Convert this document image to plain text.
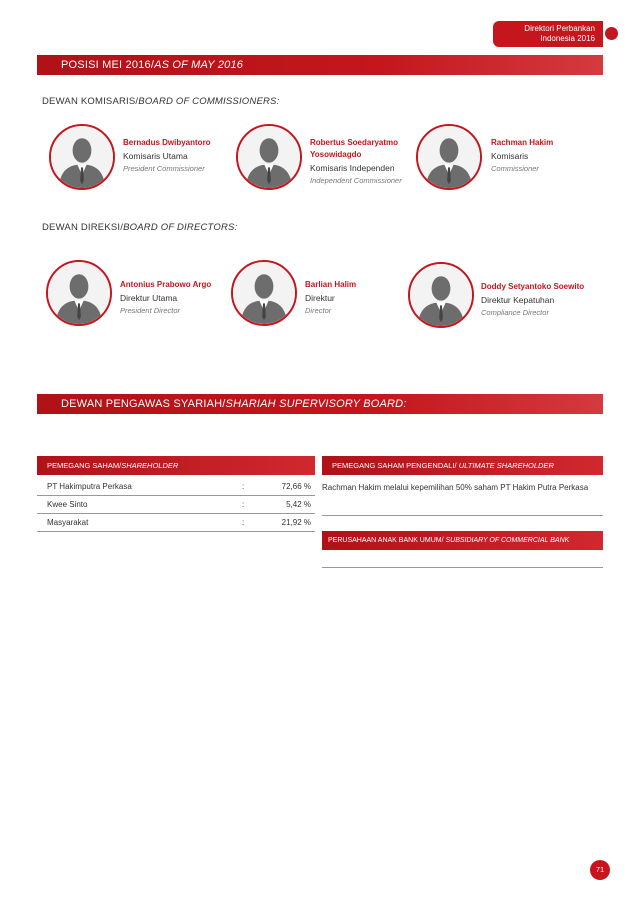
Direktori Perbankan
Indonesia 2016
POSISI MEI 2016/AS OF MAY 2016
DEWAN KOMISARIS/BOARD OF COMMISSIONERS:
Bernadus Dwibyantoro
Komisaris Utama
President Commissioner
Robertus Soedaryatmo Yosowidagdo
Komisaris Independen
Independent Commissioner
Rachman Hakim
Komisaris
Commissioner
DEWAN DIREKSI/BOARD OF DIRECTORS:
Antonius Prabowo Argo
Direktur Utama
President Director
Barlian Halim
Direktur
Director
Doddy Setyantoko Soewito
Direktur Kepatuhan
Compliance Director
DEWAN PENGAWAS SYARIAH/SHARIAH SUPERVISORY BOARD:
PEMEGANG SAHAM/SHAREHOLDER
PT Hakimputra Perkasa	:	72,66 %
Kwee Sinto	:	5,42 %
Masyarakat	:	21,92 %
PEMEGANG SAHAM PENGENDALI/ ULTIMATE SHAREHOLDER
Rachman Hakim melalui kepemilihan 50% saham PT Hakim Putra Perkasa
PERUSAHAAN ANAK BANK UMUM/ SUBSIDIARY OF COMMERCIAL BANK
71
